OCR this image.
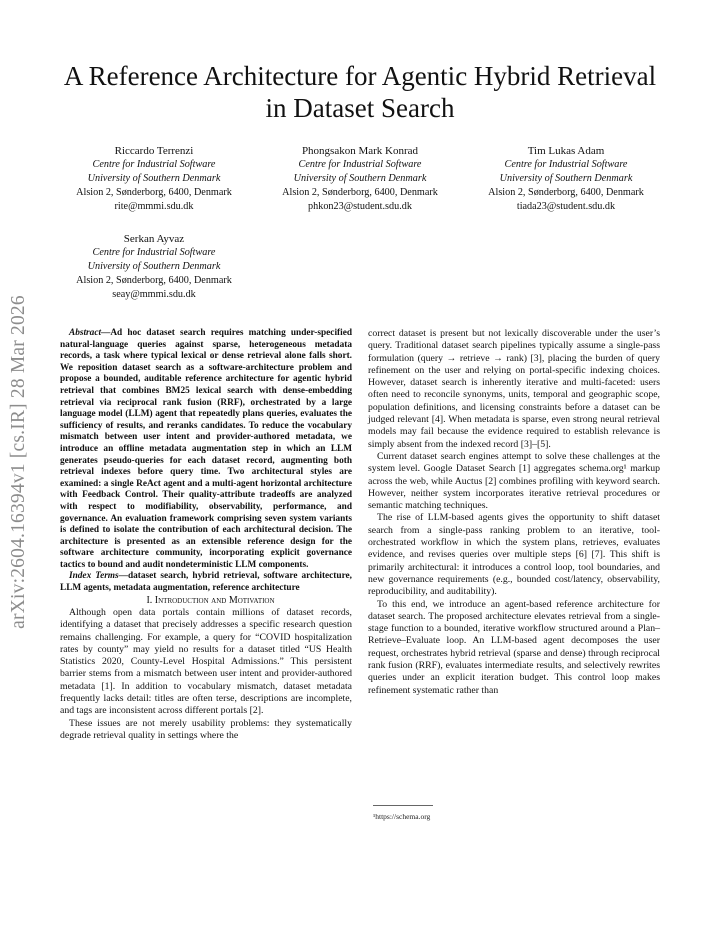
arXiv:2604.16394v1 [cs.IR] 28 Mar 2026
A Reference Architecture for Agentic Hybrid Retrieval in Dataset Search
Riccardo Terrenzi
Centre for Industrial Software
University of Southern Denmark
Alsion 2, Sønderborg, 6400, Denmark
rite@mmmi.sdu.dk
Phongsakon Mark Konrad
Centre for Industrial Software
University of Southern Denmark
Alsion 2, Sønderborg, 6400, Denmark
phkon23@student.sdu.dk
Tim Lukas Adam
Centre for Industrial Software
University of Southern Denmark
Alsion 2, Sønderborg, 6400, Denmark
tiada23@student.sdu.dk
Serkan Ayvaz
Centre for Industrial Software
University of Southern Denmark
Alsion 2, Sønderborg, 6400, Denmark
seay@mmmi.sdu.dk

Abstract—Ad hoc dataset search requires matching under-specified natural-language queries against sparse, heterogeneous metadata records, a task where typical lexical or dense retrieval alone falls short. We reposition dataset search as a software-architecture problem and propose a bounded, auditable reference architecture for agentic hybrid retrieval that combines BM25 lexical search with dense-embedding retrieval via reciprocal rank fusion (RRF), orchestrated by a large language model (LLM) agent that repeatedly plans queries, evaluates the sufficiency of results, and reranks candidates. To reduce the vocabulary mismatch between user intent and provider-authored metadata, we introduce an offline metadata augmentation step in which an LLM generates pseudo-queries for each dataset record, augmenting both retrieval indexes before query time. Two architectural styles are examined: a single ReAct agent and a multi-agent horizontal architecture with Feedback Control. Their quality-attribute tradeoffs are analyzed with respect to modifiability, observability, performance, and governance. An evaluation framework comprising seven system variants is defined to isolate the contribution of each architectural decision. The architecture is presented as an extensible reference design for the software architecture community, incorporating explicit governance tactics to bound and audit nondeterministic LLM components.

Index Terms—dataset search, hybrid retrieval, software architecture, LLM agents, metadata augmentation, reference architecture

I. Introduction and Motivation

Although open data portals contain millions of dataset records, identifying a dataset that precisely addresses a specific research question remains challenging. For example, a query for “COVID hospitalization rates by county” may yield no results for a dataset titled “US Health Statistics 2020, County-Level Hospital Admissions.” This persistent barrier stems from a mismatch between user intent and provider-authored metadata [1]. In addition to vocabulary mismatch, dataset metadata frequently lacks detail: titles are often terse, descriptions are incomplete, and tags are inconsistent across different portals [2].

These issues are not merely usability problems: they systematically degrade retrieval quality in settings where the

correct dataset is present but not lexically discoverable under the user’s query. Traditional dataset search pipelines typically assume a single-pass formulation (query → retrieve → rank) [3], placing the burden of query refinement on the user and relying on portal-specific indexing choices. However, dataset search is inherently iterative and multi-faceted: users often need to reconcile synonyms, units, temporal and geographic scope, population definitions, and licensing constraints before a dataset can be judged relevant [4]. When metadata is sparse, even strong neural retrieval models may fail because the evidence required to establish relevance is simply absent from the indexed record [3]–[5].

Current dataset search engines attempt to solve these challenges at the system level. Google Dataset Search [1] aggregates schema.org¹ markup across the web, while Auctus [2] combines profiling with keyword search. However, neither system incorporates iterative retrieval procedures or semantic matching techniques.

The rise of LLM-based agents gives the opportunity to shift dataset search from a single-pass ranking problem to an iterative, tool-orchestrated workflow in which the system plans, retrieves, evaluates evidence, and revises queries over multiple steps [6] [7]. This shift is primarily architectural: it introduces a control loop, tool boundaries, and new governance requirements (e.g., bounded cost/latency, observability, reproducibility, and auditability).

To this end, we introduce an agent-based reference architecture for dataset search. The proposed architecture elevates retrieval from a single-stage function to a bounded, iterative workflow structured around a Plan–Retrieve–Evaluate loop. An LLM-based agent decomposes the user request, orchestrates hybrid retrieval (sparse and dense) through reciprocal rank fusion (RRF), evaluates intermediate results, and selectively rewrites queries under an explicit iteration budget. This control loop makes refinement systematic rather than

¹https://schema.org
